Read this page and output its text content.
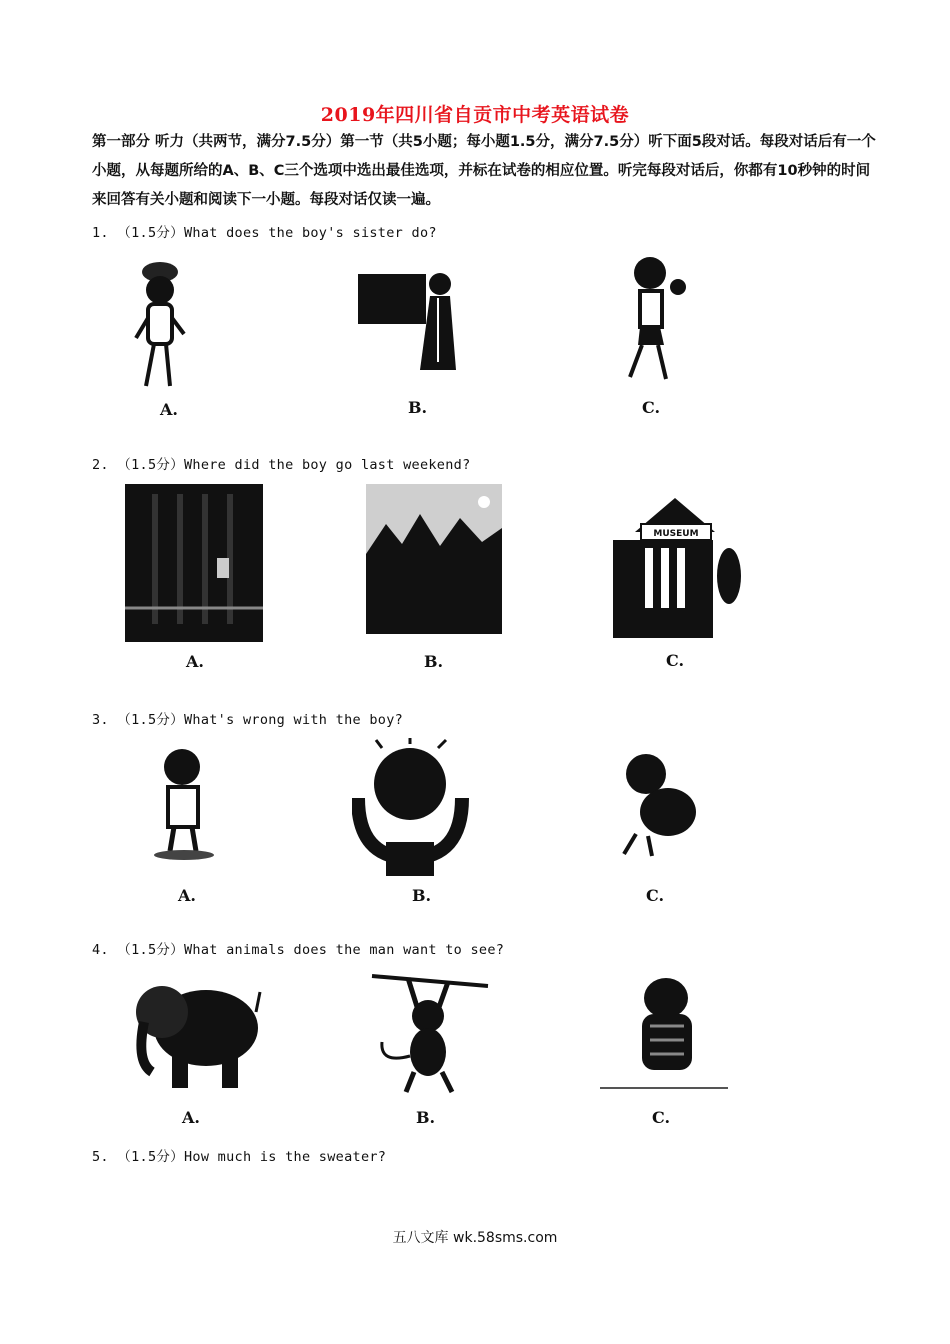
2019年四川省自贡市中考英语试卷
第一部分 听力（共两节，满分7.5分）第一节（共5小题；每小题1.5分，满分7.5分）听下面5段对话。每段对话后有一个小题，从每题所给的A、B、C三个选项中选出最佳选项，并标在试卷的相应位置。听完每段对话后，你都有10秒钟的时间来回答有关小题和阅读下一小题。每段对话仅读一遍。
1. （1.5分）What does the boy's sister do?
A.	B.	C.
2. （1.5分）Where did the boy go last weekend?
MUSEUM
A.	B.	C.
3. （1.5分）What's wrong with the boy?
A.	B.	C.
4. （1.5分）What animals does the man want to see?
A.	B.	C.
5. （1.5分）How much is the sweater?
五八文库 wk.58sms.com
